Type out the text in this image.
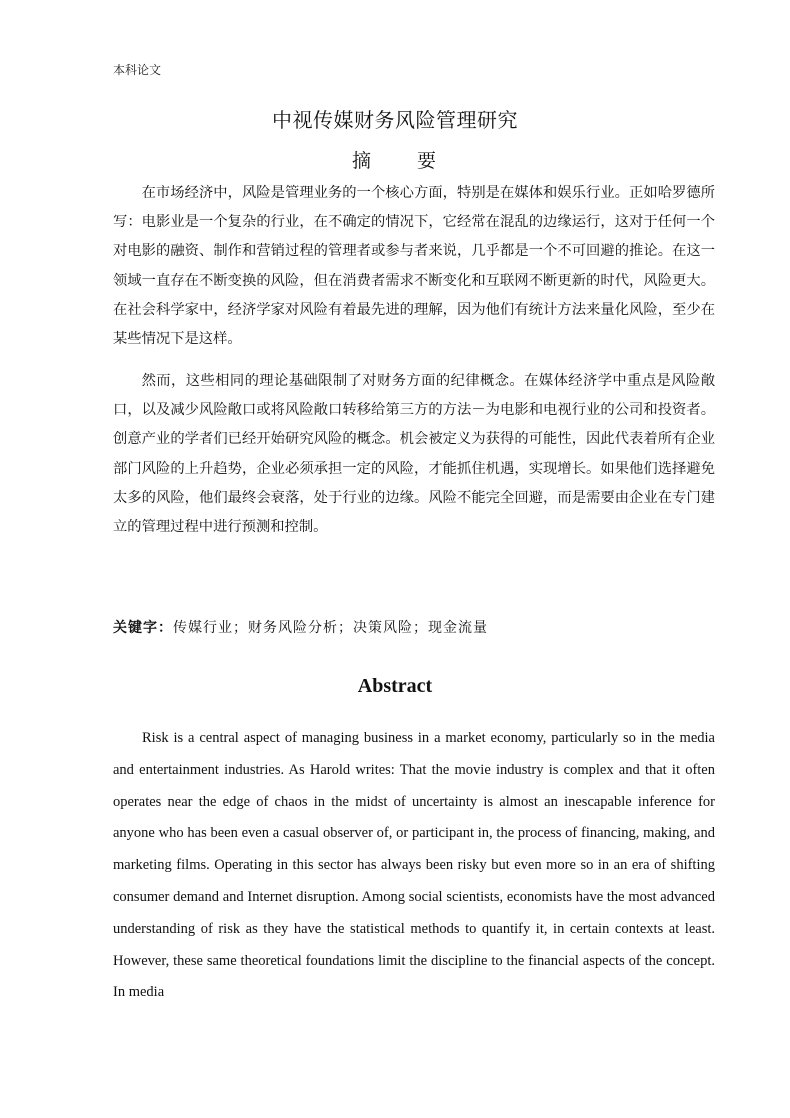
本科论文
中视传媒财务风险管理研究
摘 要

在市场经济中，风险是管理业务的一个核心方面，特别是在媒体和娱乐行业。正如哈罗德所写：电影业是一个复杂的行业，在不确定的情况下，它经常在混乱的边缘运行，这对于任何一个对电影的融资、制作和营销过程的管理者或参与者来说，几乎都是一个不可回避的推论。在这一领域一直存在不断变换的风险，但在消费者需求不断变化和互联网不断更新的时代，风险更大。在社会科学家中，经济学家对风险有着最先进的理解，因为他们有统计方法来量化风险，至少在某些情况下是这样。

然而，这些相同的理论基础限制了对财务方面的纪律概念。在媒体经济学中重点是风险敞口，以及减少风险敞口或将风险敞口转移给第三方的方法－为电影和电视行业的公司和投资者。创意产业的学者们已经开始研究风险的概念。机会被定义为获得的可能性，因此代表着所有企业部门风险的上升趋势，企业必须承担一定的风险，才能抓住机遇，实现增长。如果他们选择避免太多的风险，他们最终会衰落，处于行业的边缘。风险不能完全回避，而是需要由企业在专门建立的管理过程中进行预测和控制。

关键字：传媒行业；财务风险分析；决策风险；现金流量
Abstract

Risk is a central aspect of managing business in a market economy, particularly so in the media and entertainment industries. As Harold writes: That the movie industry is complex and that it often operates near the edge of chaos in the midst of uncertainty is almost an inescapable inference for anyone who has been even a casual observer of, or participant in, the process of financing, making, and marketing films. Operating in this sector has always been risky but even more so in an era of shifting consumer demand and Internet disruption. Among social scientists, economists have the most advanced understanding of risk as they have the statistical methods to quantify it, in certain contexts at least. However, these same theoretical foundations limit the discipline to the financial aspects of the concept. In media
